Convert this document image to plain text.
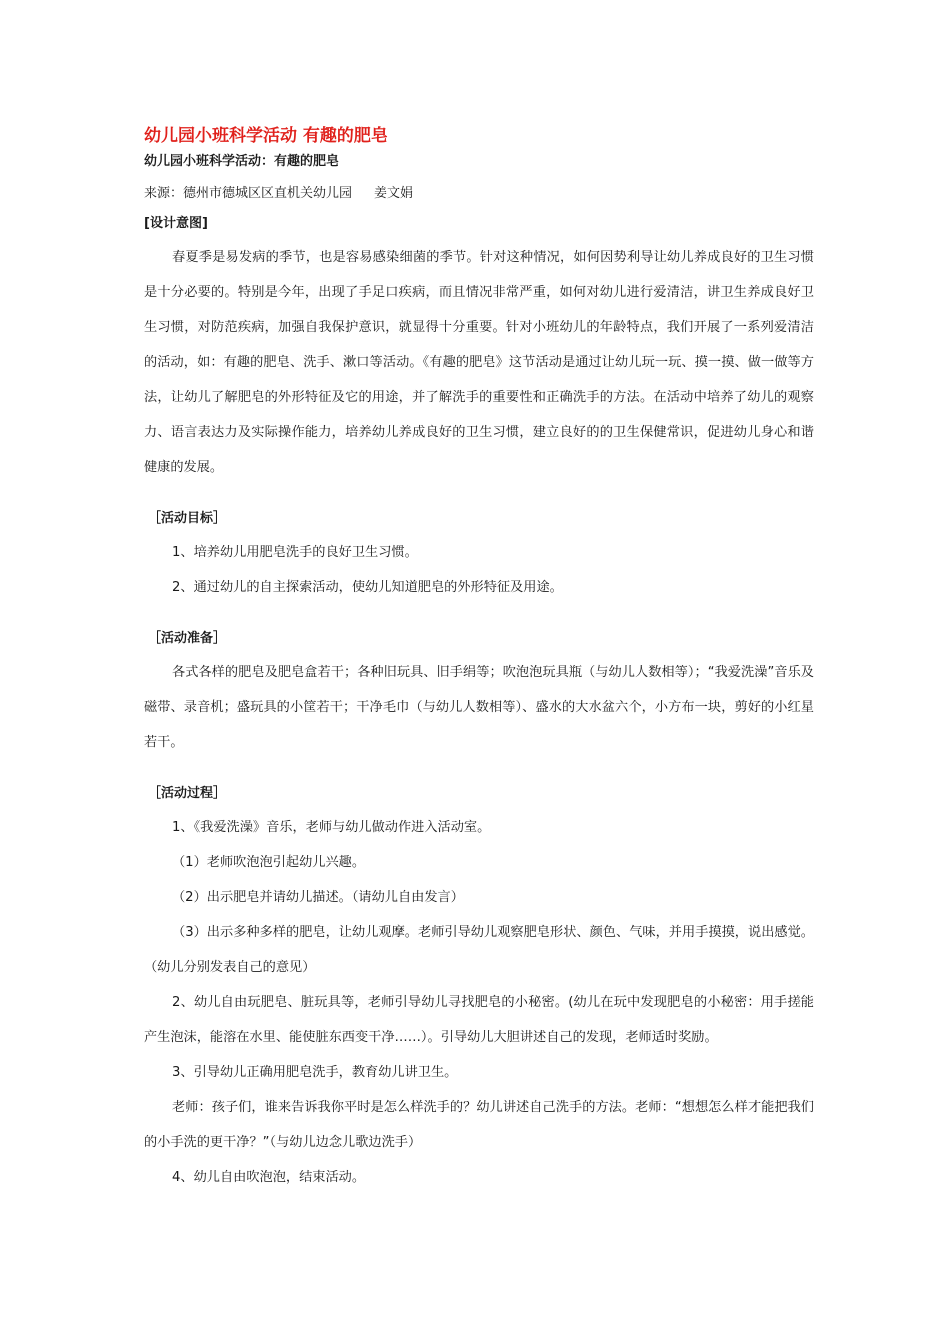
幼儿园小班科学活动 有趣的肥皂
幼儿园小班科学活动：有趣的肥皂
来源：德州市德城区区直机关幼儿园 姜文娟
[设计意图]

春夏季是易发病的季节，也是容易感染细菌的季节。针对这种情况，如何因势利导让幼儿养成良好的卫生习惯是十分必要的。特别是今年，出现了手足口疾病，而且情况非常严重，如何对幼儿进行爱清洁，讲卫生养成良好卫生习惯，对防范疾病，加强自我保护意识，就显得十分重要。针对小班幼儿的年龄特点，我们开展了一系列爱清洁的活动，如：有趣的肥皂、洗手、漱口等活动。《有趣的肥皂》这节活动是通过让幼儿玩一玩、摸一摸、做一做等方法，让幼儿了解肥皂的外形特征及它的用途，并了解洗手的重要性和正确洗手的方法。在活动中培养了幼儿的观察力、语言表达力及实际操作能力，培养幼儿养成良好的卫生习惯，建立良好的的卫生保健常识，促进幼儿身心和谐健康的发展。

［活动目标］

1、培养幼儿用肥皂洗手的良好卫生习惯。

2、通过幼儿的自主探索活动，使幼儿知道肥皂的外形特征及用途。

［活动准备］

各式各样的肥皂及肥皂盒若干；各种旧玩具、旧手绢等；吹泡泡玩具瓶（与幼儿人数相等）；“我爱洗澡”音乐及磁带、录音机；盛玩具的小筐若干；干净毛巾（与幼儿人数相等）、盛水的大水盆六个，小方布一块，剪好的小红星若干。

［活动过程］

1、《我爱洗澡》音乐，老师与幼儿做动作进入活动室。

（1）老师吹泡泡引起幼儿兴趣。

（2）出示肥皂并请幼儿描述。（请幼儿自由发言）

（3）出示多种多样的肥皂，让幼儿观摩。老师引导幼儿观察肥皂形状、颜色、气味，并用手摸摸，说出感觉。（幼儿分别发表自己的意见）

2、幼儿自由玩肥皂、脏玩具等，老师引导幼儿寻找肥皂的小秘密。(幼儿在玩中发现肥皂的小秘密：用手搓能产生泡沫，能溶在水里、能使脏东西变干净……）。引导幼儿大胆讲述自己的发现，老师适时奖励。

3、引导幼儿正确用肥皂洗手，教育幼儿讲卫生。

老师：孩子们，谁来告诉我你平时是怎么样洗手的？幼儿讲述自己洗手的方法。老师：“想想怎么样才能把我们的小手洗的更干净？”（与幼儿边念儿歌边洗手）

4、幼儿自由吹泡泡，结束活动。
